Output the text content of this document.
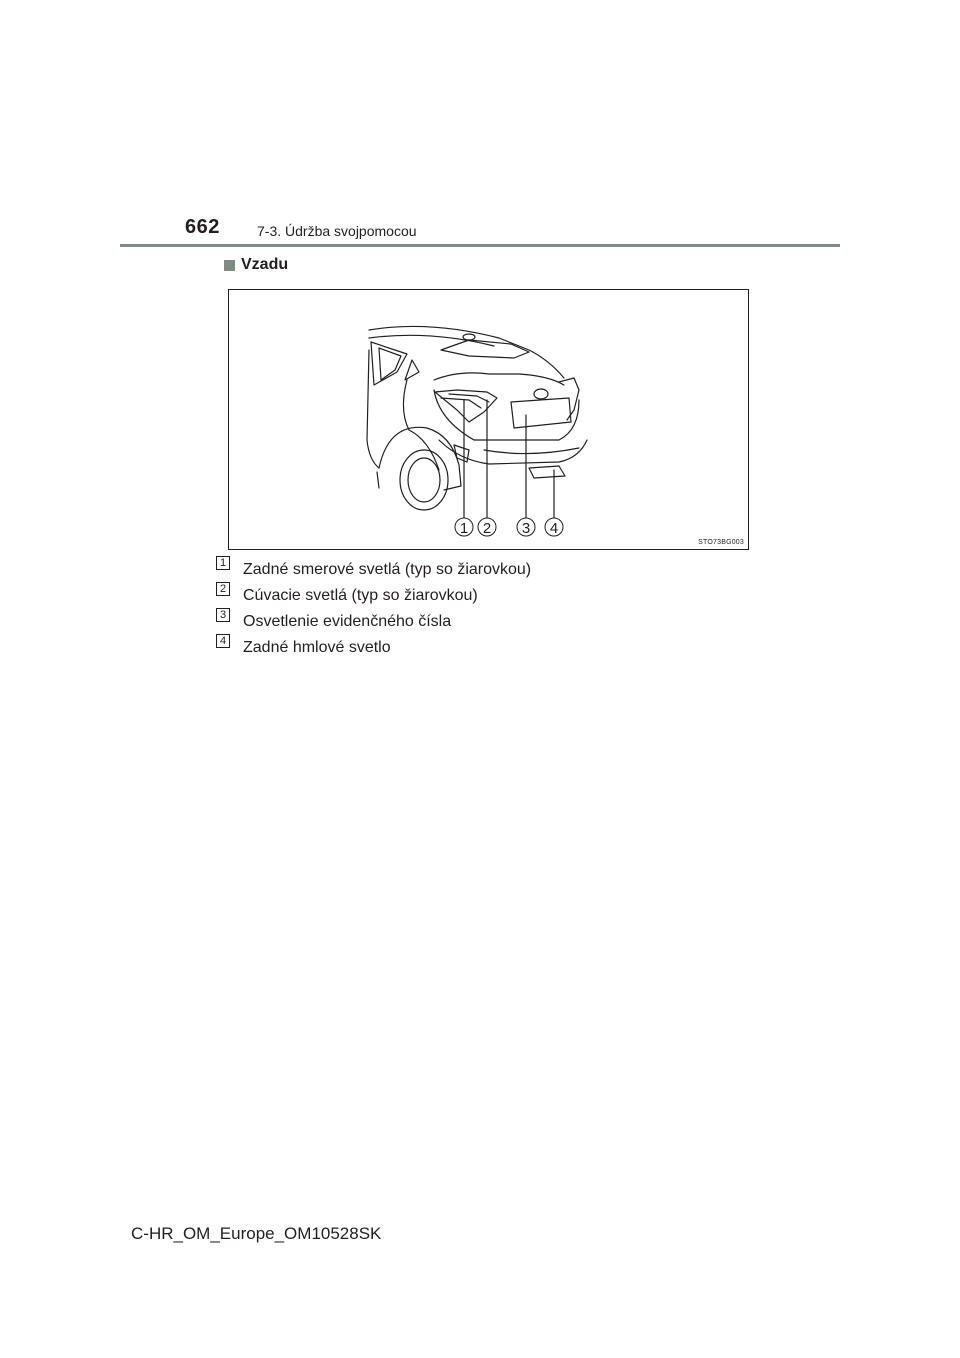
662	7-3. Údržba svojpomocou
Vzadu
1 2 3 4
STO73BG003
1 Zadné smerové svetlá (typ so žiarovkou)
2 Cúvacie svetlá (typ so žiarovkou)
3 Osvetlenie evidenčného čísla
4 Zadné hmlové svetlo
C-HR_OM_Europe_OM10528SK
